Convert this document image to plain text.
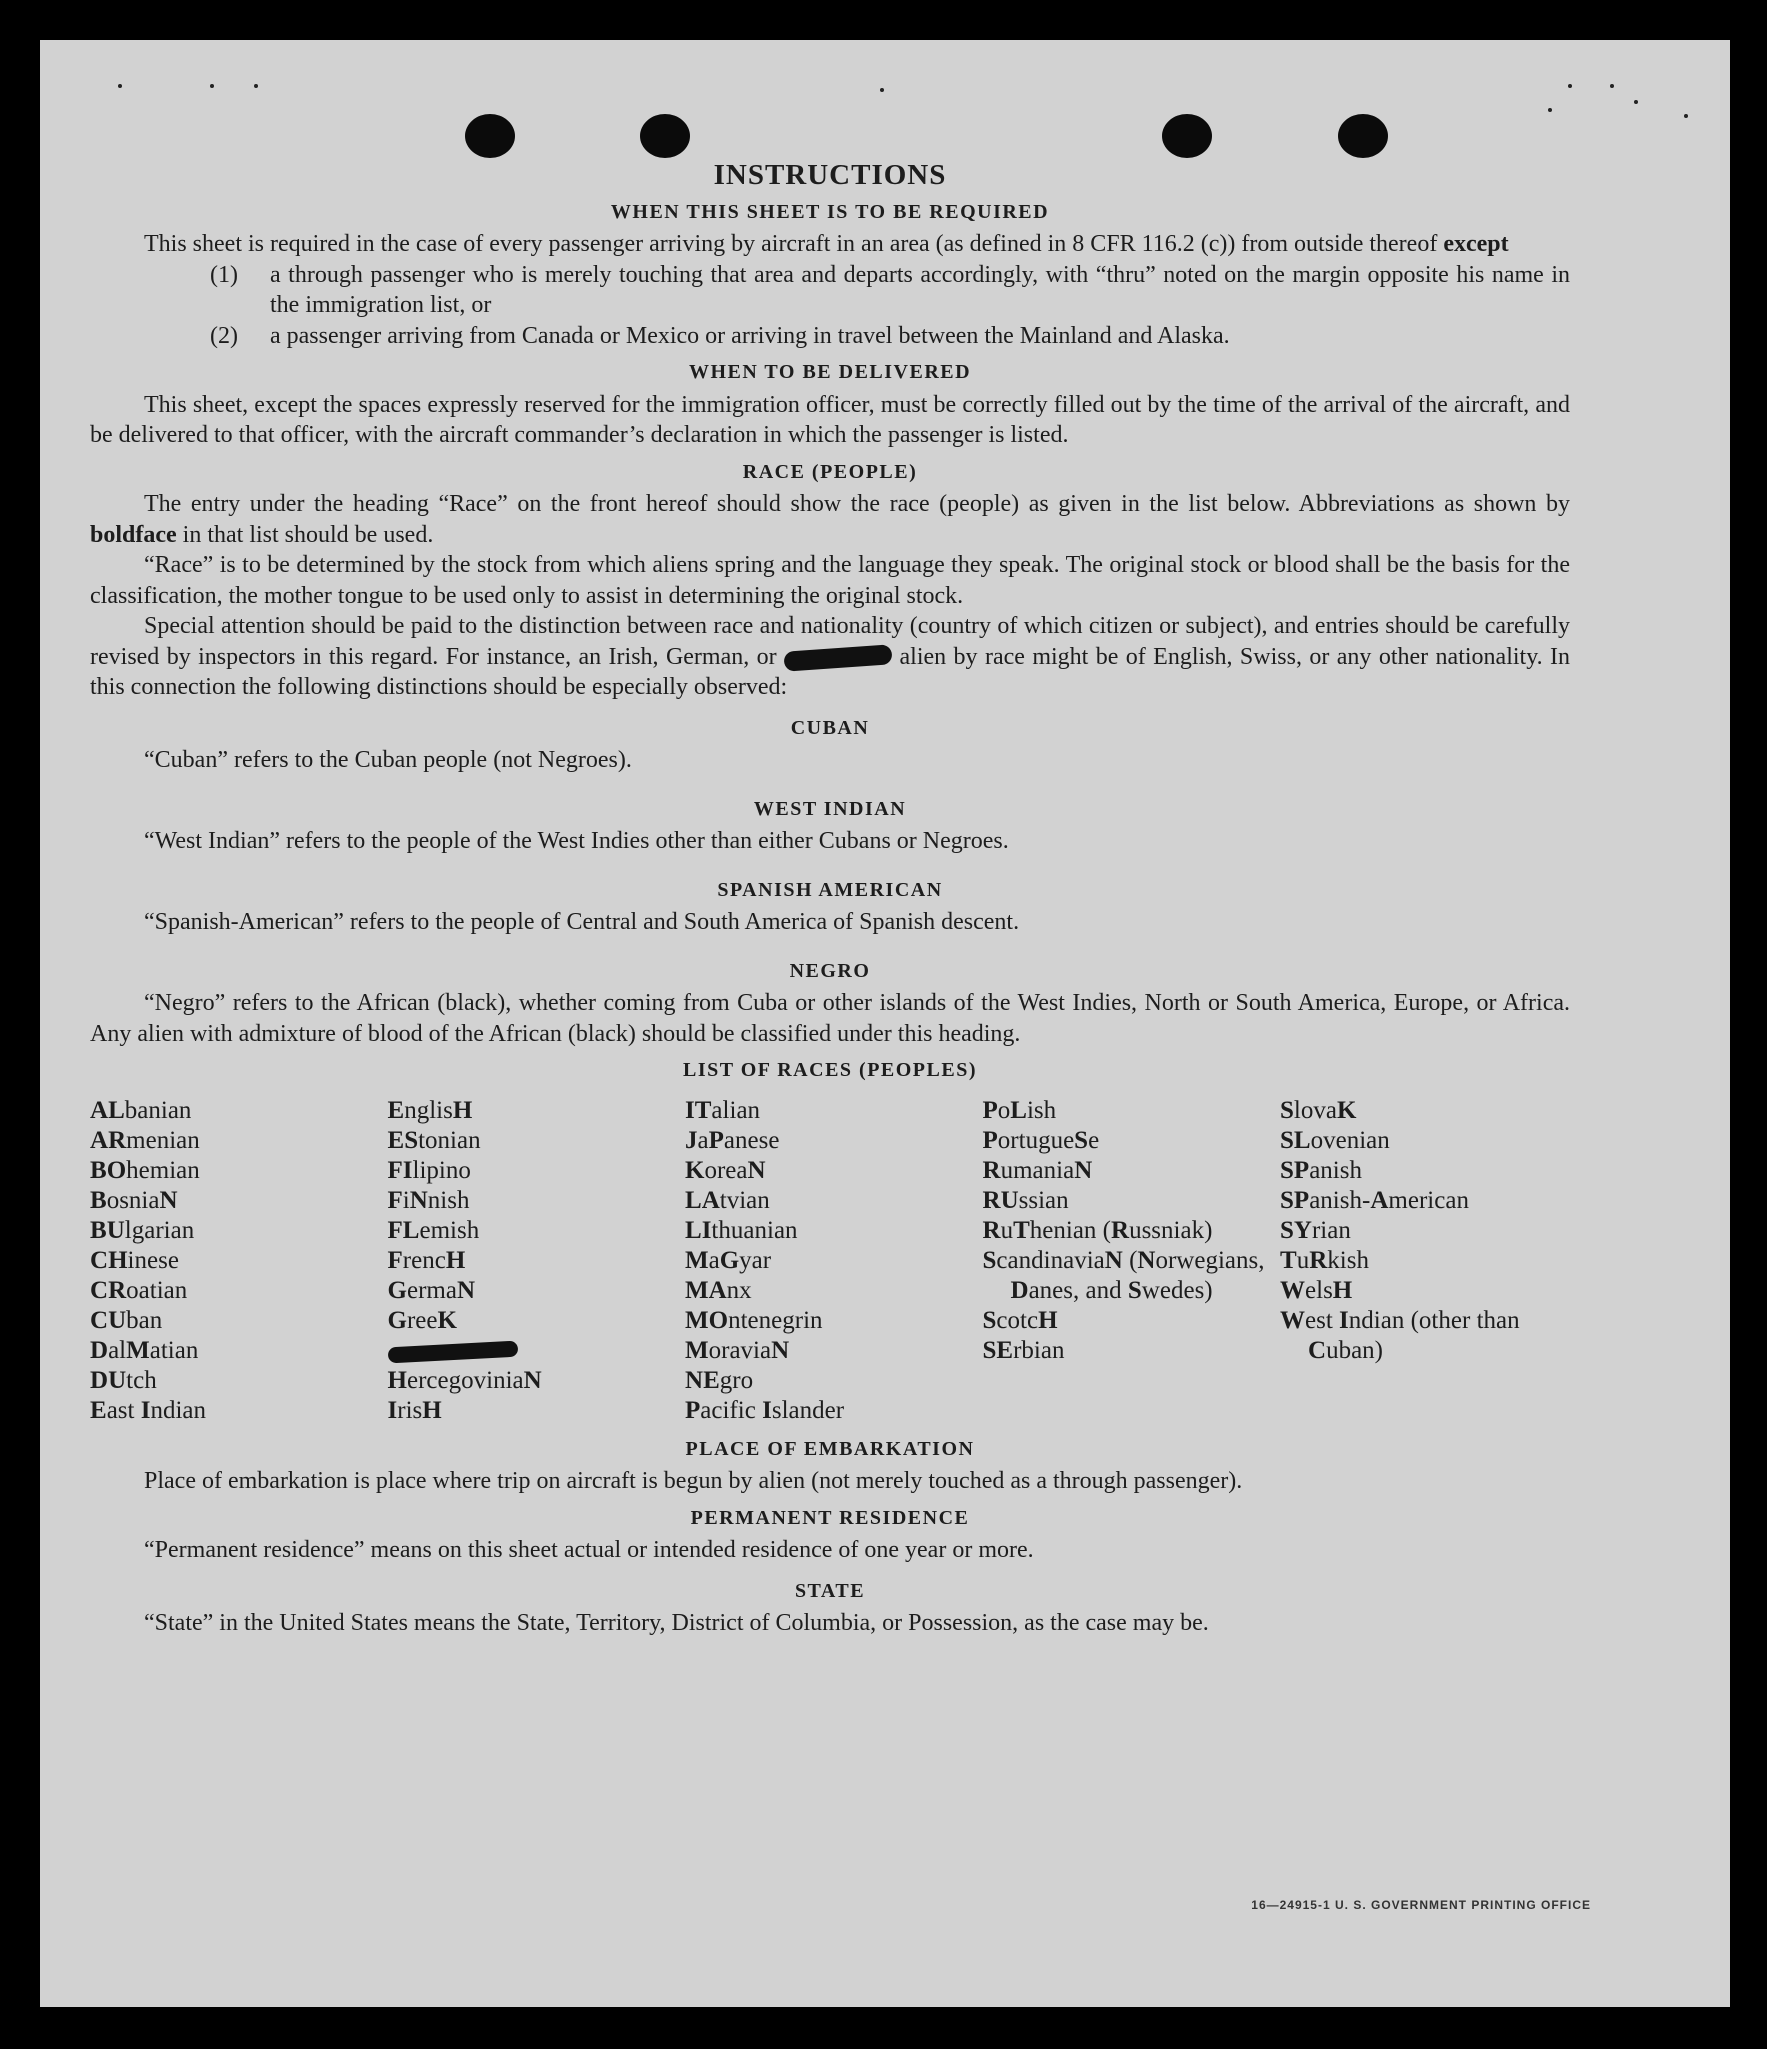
INSTRUCTIONS
WHEN THIS SHEET IS TO BE REQUIRED

This sheet is required in the case of every passenger arriving by aircraft in an area (as defined in 8 CFR 116.2 (c)) from outside thereof except

(1)	a through passenger who is merely touching that area and departs accordingly, with “thru” noted on the margin opposite his name in the immigration list, or
(2)	a passenger arriving from Canada or Mexico or arriving in travel between the Mainland and Alaska.
WHEN TO BE DELIVERED

This sheet, except the spaces expressly reserved for the immigration officer, must be correctly filled out by the time of the arrival of the aircraft, and be delivered to that officer, with the aircraft commander’s declaration in which the passenger is listed.

RACE (PEOPLE)

The entry under the heading “Race” on the front hereof should show the race (people) as given in the list below. Abbreviations as shown by boldface in that list should be used.

“Race” is to be determined by the stock from which aliens spring and the language they speak. The original stock or blood shall be the basis for the classification, the mother tongue to be used only to assist in determining the original stock.

Special attention should be paid to the distinction between race and nationality (country of which citizen or subject), and entries should be carefully revised by inspectors in this regard. For instance, an Irish, German, or	alien by race might be of English, Swiss, or any other nationality. In this connection the following distinctions should be especially observed:

CUBAN

“Cuban” refers to the Cuban people (not Negroes).

WEST INDIAN

“West Indian” refers to the people of the West Indies other than either Cubans or Negroes.

SPANISH AMERICAN

“Spanish-American” refers to the people of Central and South America of Spanish descent.

NEGRO

“Negro” refers to the African (black), whether coming from Cuba or other islands of the West Indies, North or South America, Europe, or Africa. Any alien with admixture of blood of the African (black) should be classified under this heading.

LIST OF RACES (PEOPLES)
ALbanian
ARmenian
BOhemian
BosniaN
BUlgarian
CHinese
CRoatian
CUban
DalMatian
DUtch
East Indian
EnglisH
EStonian
FIlipino
FiNnish
FLemish
FrencH
GermaN
GreeK
HercegoviniaN
IrisH
ITalian
JaPanese
KoreaN
LAtvian
LIthuanian
MaGyar
MAnx
MOntenegrin
MoraviaN
NEgro
Pacific Islander
PoLish
PortugueSe
RumaniaN
RUssian
RuThenian (Russniak)
ScandinaviaN (Norwegians, Danes, and Swedes)
ScotcH
SErbian
SlovaK
SLovenian
SPanish
SPanish-American
SYrian
TuRkish
WelsH
West Indian (other than Cuban)
PLACE OF EMBARKATION

Place of embarkation is place where trip on aircraft is begun by alien (not merely touched as a through passenger).

PERMANENT RESIDENCE

“Permanent residence” means on this sheet actual or intended residence of one year or more.

STATE

“State” in the United States means the State, Territory, District of Columbia, or Possession, as the case may be.

16—24915-1 U. S. GOVERNMENT PRINTING OFFICE
